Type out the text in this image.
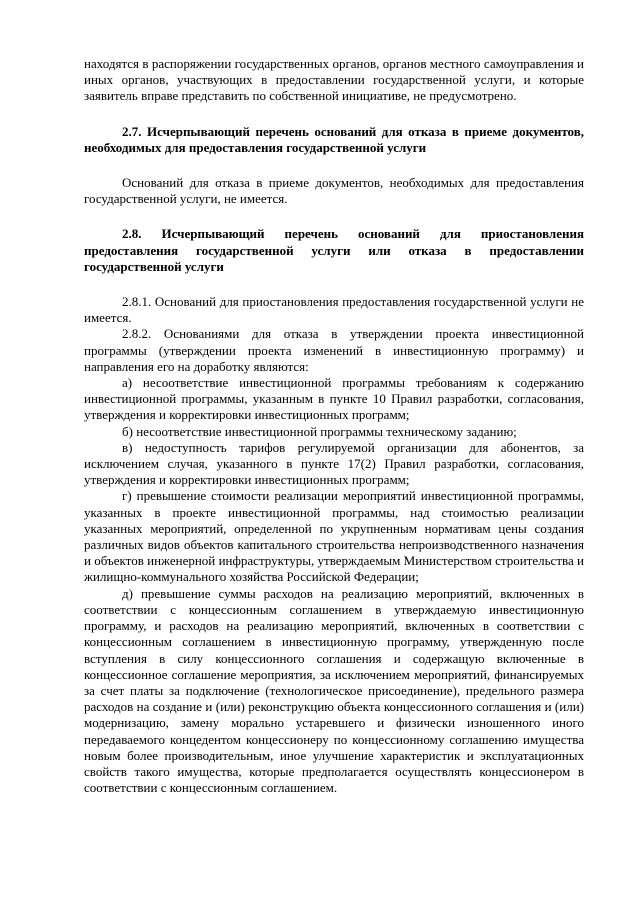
находятся в распоряжении государственных органов, органов местного самоуправления и иных органов, участвующих в предоставлении государственной услуги, и которые заявитель вправе представить по собственной инициативе, не предусмотрено.

2.7. Исчерпывающий перечень оснований для отказа в приеме документов, необходимых для предоставления государственной услуги

Оснований для отказа в приеме документов, необходимых для предоставления государственной услуги, не имеется.

2.8. Исчерпывающий перечень оснований для приостановления предоставления государственной услуги или отказа в предоставлении государственной услуги

2.8.1. Оснований для приостановления предоставления государственной услуги не имеется.

2.8.2. Основаниями для отказа в утверждении проекта инвестиционной программы (утверждении проекта изменений в инвестиционную программу) и направления его на доработку являются:

а) несоответствие инвестиционной программы требованиям к содержанию инвестиционной программы, указанным в пункте 10 Правил разработки, согласования, утверждения и корректировки инвестиционных программ;

б) несоответствие инвестиционной программы техническому заданию;

в) недоступность тарифов регулируемой организации для абонентов, за исключением случая, указанного в пункте 17(2) Правил разработки, согласования, утверждения и корректировки инвестиционных программ;

г) превышение стоимости реализации мероприятий инвестиционной программы, указанных в проекте инвестиционной программы, над стоимостью реализации указанных мероприятий, определенной по укрупненным нормативам цены создания различных видов объектов капитального строительства непроизводственного назначения и объектов инженерной инфраструктуры, утверждаемым Министерством строительства и жилищно-коммунального хозяйства Российской Федерации;

д) превышение суммы расходов на реализацию мероприятий, включенных в соответствии с концессионным соглашением в утверждаемую инвестиционную программу, и расходов на реализацию мероприятий, включенных в соответствии с концессионным соглашением в инвестиционную программу, утвержденную после вступления в силу концессионного соглашения и содержащую включенные в концессионное соглашение мероприятия, за исключением мероприятий, финансируемых за счет платы за подключение (технологическое присоединение), предельного размера расходов на создание и (или) реконструкцию объекта концессионного соглашения и (или) модернизацию, замену морально устаревшего и физически изношенного иного передаваемого концедентом концессионеру по концессионному соглашению имущества новым более производительным, иное улучшение характеристик и эксплуатационных свойств такого имущества, которые предполагается осуществлять концессионером в соответствии с концессионным соглашением.
